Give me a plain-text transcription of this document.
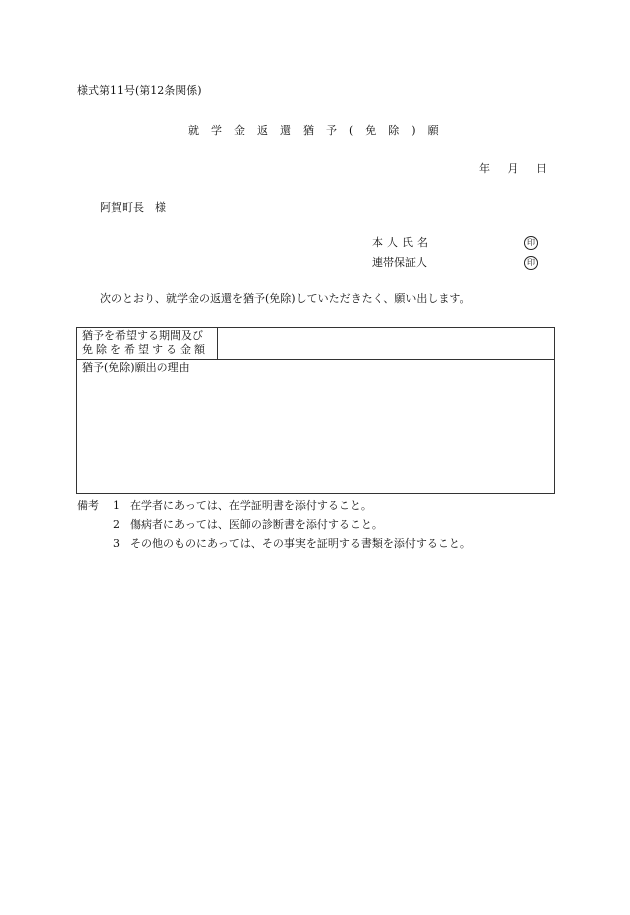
様式第11号(第12条関係)
就学金返還猶予(免除)願
年 月 日
阿賀町長　様
本人氏名	印
連帯保証人	印
次のとおり、就学金の返還を猶予(免除)していただきたく、願い出します。
猶予を希望する期間及び
免除を希望する金額
猶予(免除)願出の理由
備考 1 在学者にあっては、在学証明書を添付すること。
2 傷病者にあっては、医師の診断書を添付すること。
3 その他のものにあっては、その事実を証明する書類を添付すること。
